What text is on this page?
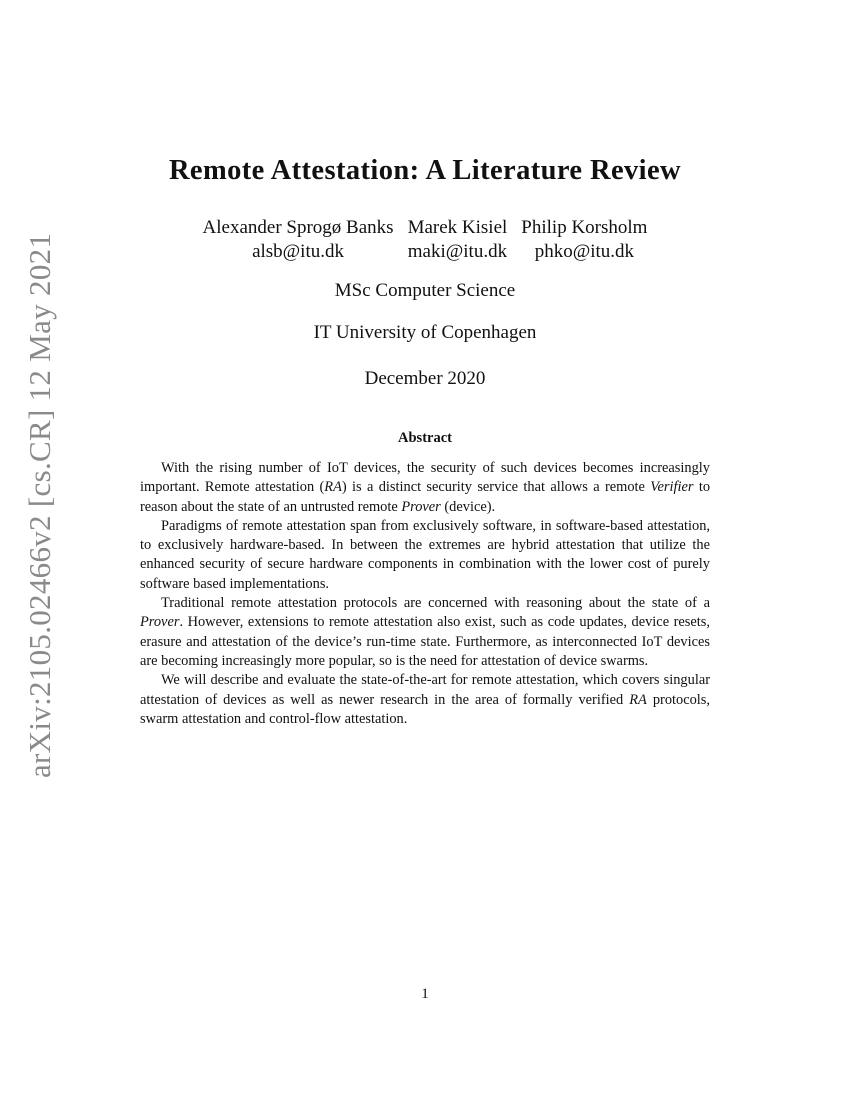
arXiv:2105.02466v2 [cs.CR] 12 May 2021
Remote Attestation: A Literature Review
Alexander Sprogø Banks
alsb@itu.dk
Marek Kisiel
maki@itu.dk
Philip Korsholm
phko@itu.dk
MSc Computer Science
IT University of Copenhagen
December 2020
Abstract

With the rising number of IoT devices, the security of such devices becomes increasingly important. Remote attestation (RA) is a distinct security service that allows a remote Verifier to reason about the state of an untrusted remote Prover (device).

Paradigms of remote attestation span from exclusively software, in software-based attestation, to exclusively hardware-based. In between the extremes are hybrid attestation that utilize the enhanced security of secure hardware components in combination with the lower cost of purely software based implementations.

Traditional remote attestation protocols are concerned with reasoning about the state of a Prover. However, extensions to remote attestation also exist, such as code updates, device resets, erasure and attestation of the device’s run-time state. Furthermore, as interconnected IoT devices are becoming increasingly more popular, so is the need for attestation of device swarms.

We will describe and evaluate the state-of-the-art for remote attestation, which covers singular attestation of devices as well as newer research in the area of formally verified RA protocols, swarm attestation and control-flow attestation.

1
